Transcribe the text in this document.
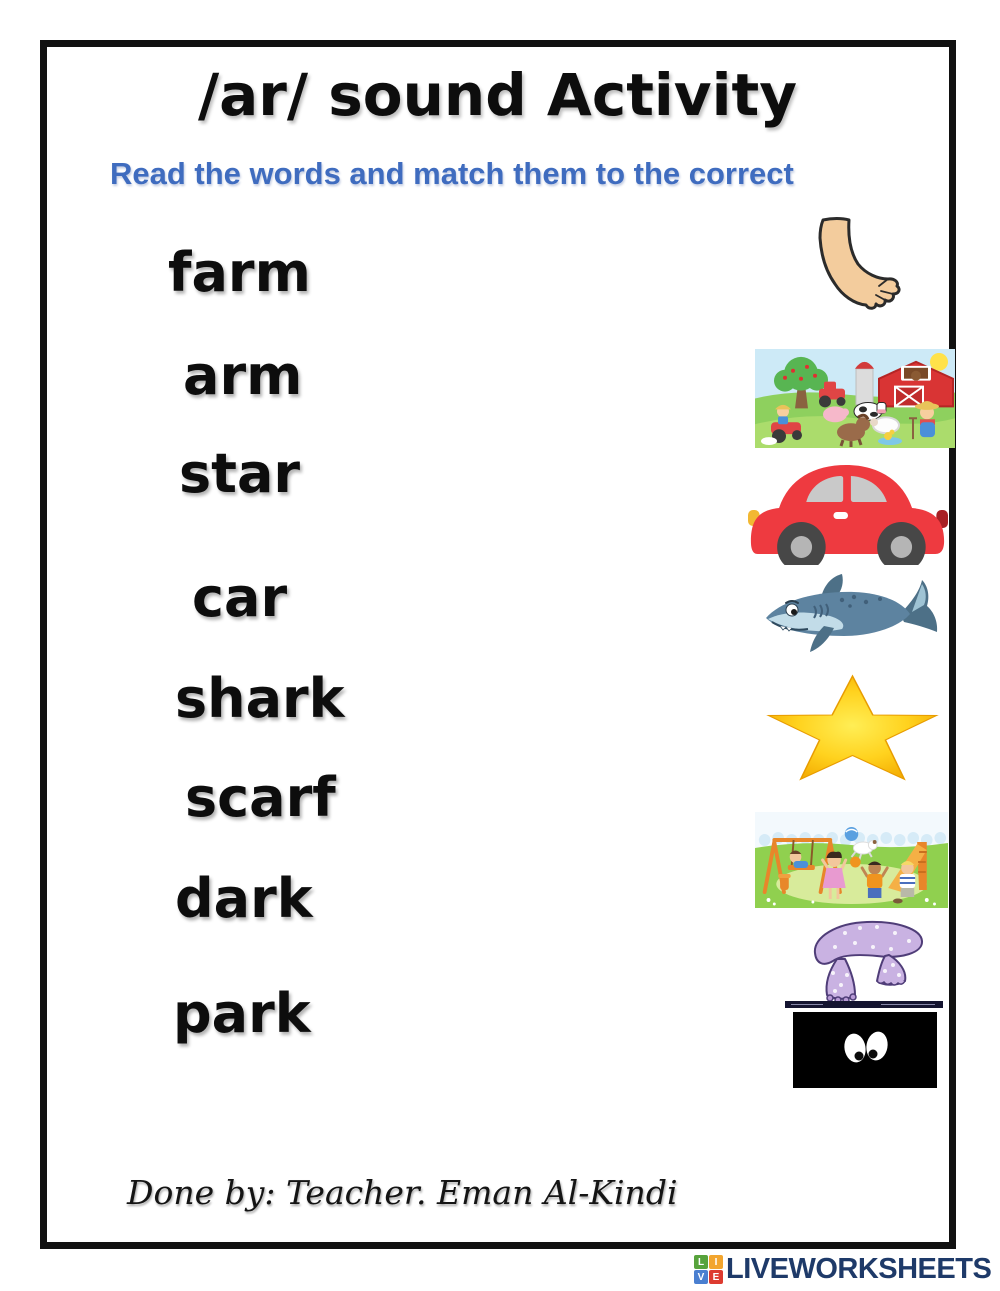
/ar/ sound Activity
Read the words and match them to the correct
farm
arm
star
car
shark
scarf
dark
park
Done by: Teacher. Eman Al-Kindi
L	I
V E LIVEWORKSHEETS
